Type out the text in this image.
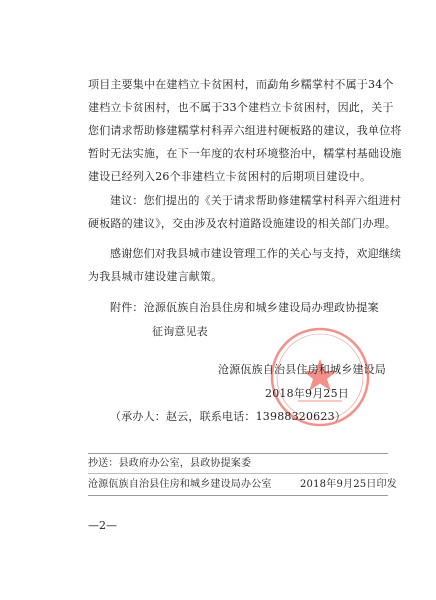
项目主要集中在建档立卡贫困村，而勐角乡糯掌村不属于34个
建档立卡贫困村，也不属于33个建档立卡贫困村，因此，关于
您们请求帮助修建糯掌村科弄六组进村硬板路的建议，我单位将
暂时无法实施，在下一年度的农村环境整治中，糯掌村基础设施
建设已经列入26个非建档立卡贫困村的后期项目建设中。
建议：您们提出的《关于请求帮助修建糯掌村科弄六组进村
硬板路的建议》，交由涉及农村道路设施建设的相关部门办理。
感谢您们对我县城市建设管理工作的关心与支持，欢迎继续
为我县城市建设建言献策。
附件：沧源佤族自治县住房和城乡建设局办理政协提案
征询意见表
沧源佤族自治县住房和城乡建设局
2018年9月25日
（承办人：赵云，联系电话：13988320623）
抄送：县政府办公室，县政协提案委
沧源佤族自治县住房和城乡建设局办公室	2018年9月25日印发
—2—
